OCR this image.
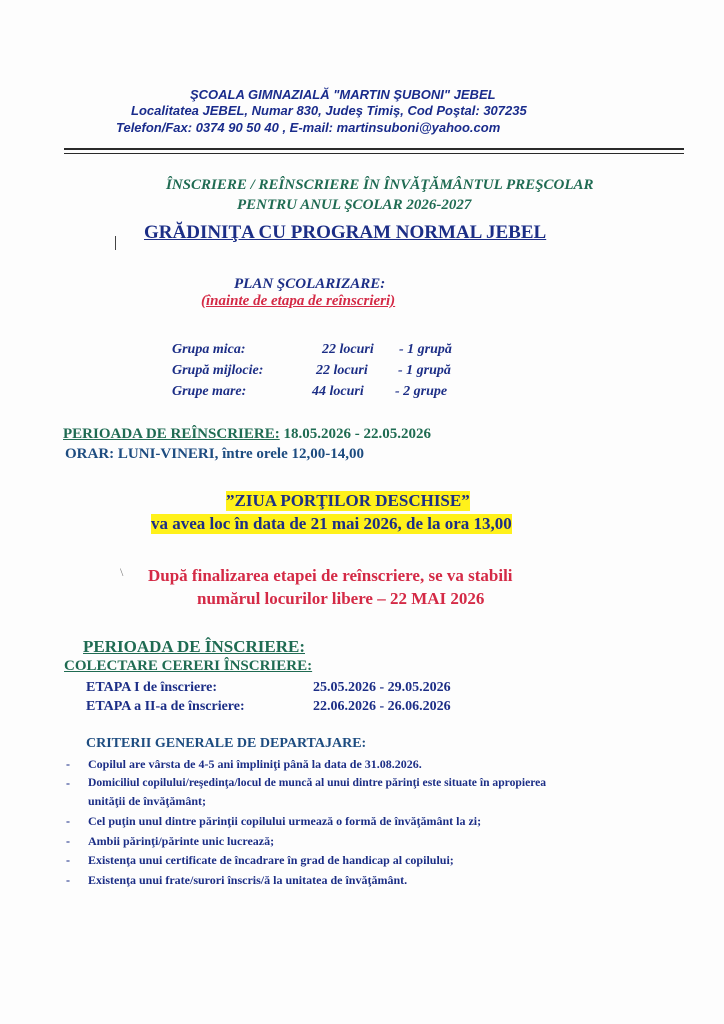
ŞCOALA GIMNAZIALĂ "MARTIN ŞUBONI" JEBEL
Localitatea JEBEL, Numar 830, Judeş Timiş, Cod Poştal: 307235
Telefon/Fax: 0374 90 50 40 , E-mail: martinsuboni@yahoo.com
ÎNSCRIERE / REÎNSCRIERE ÎN ÎNVĂŢĂMÂNTUL PREŞCOLAR
PENTRU ANUL ŞCOLAR 2026-2027
GRĂDINIŢA CU PROGRAM NORMAL JEBEL
PLAN ŞCOLARIZARE:
(înainte de etapa de reînscrieri)
Grupa mica:	22 locuri - 1 grupă
Grupă mijlocie:	22 locuri - 1 grupă
Grupe mare:	44 locuri - 2 grupe
PERIOADA DE REÎNSCRIERE: 18.05.2026 - 22.05.2026
ORAR: LUNI-VINERI, între orele 12,00-14,00
”ZIUA PORŢILOR DESCHISE”
va avea loc în data de 21 mai 2026, de la ora 13,00
\ După finalizarea etapei de reînscriere, se va stabili
numărul locurilor libere – 22 MAI 2026
PERIOADA DE ÎNSCRIERE:
COLECTARE CERERI ÎNSCRIERE:
ETAPA I de înscriere:	25.05.2026 - 29.05.2026
ETAPA a II-a de înscriere:	22.06.2026 - 26.06.2026
CRITERII GENERALE DE DEPARTAJARE:
- Copilul are vârsta de 4-5 ani împliniţi până la data de 31.08.2026.
- Domiciliul copilului/reşedinţa/locul de muncă al unui dintre părinţi este situate în apropierea
unităţii de învăţământ;
- Cel puţin unul dintre părinţii copilului urmează o formă de învăţământ la zi;
- Ambii părinţi/părinte unic lucrează;
- Existenţa unui certificate de încadrare în grad de handicap al copilului;
- Existenţa unui frate/surori înscris/ă la unitatea de învăţământ.
